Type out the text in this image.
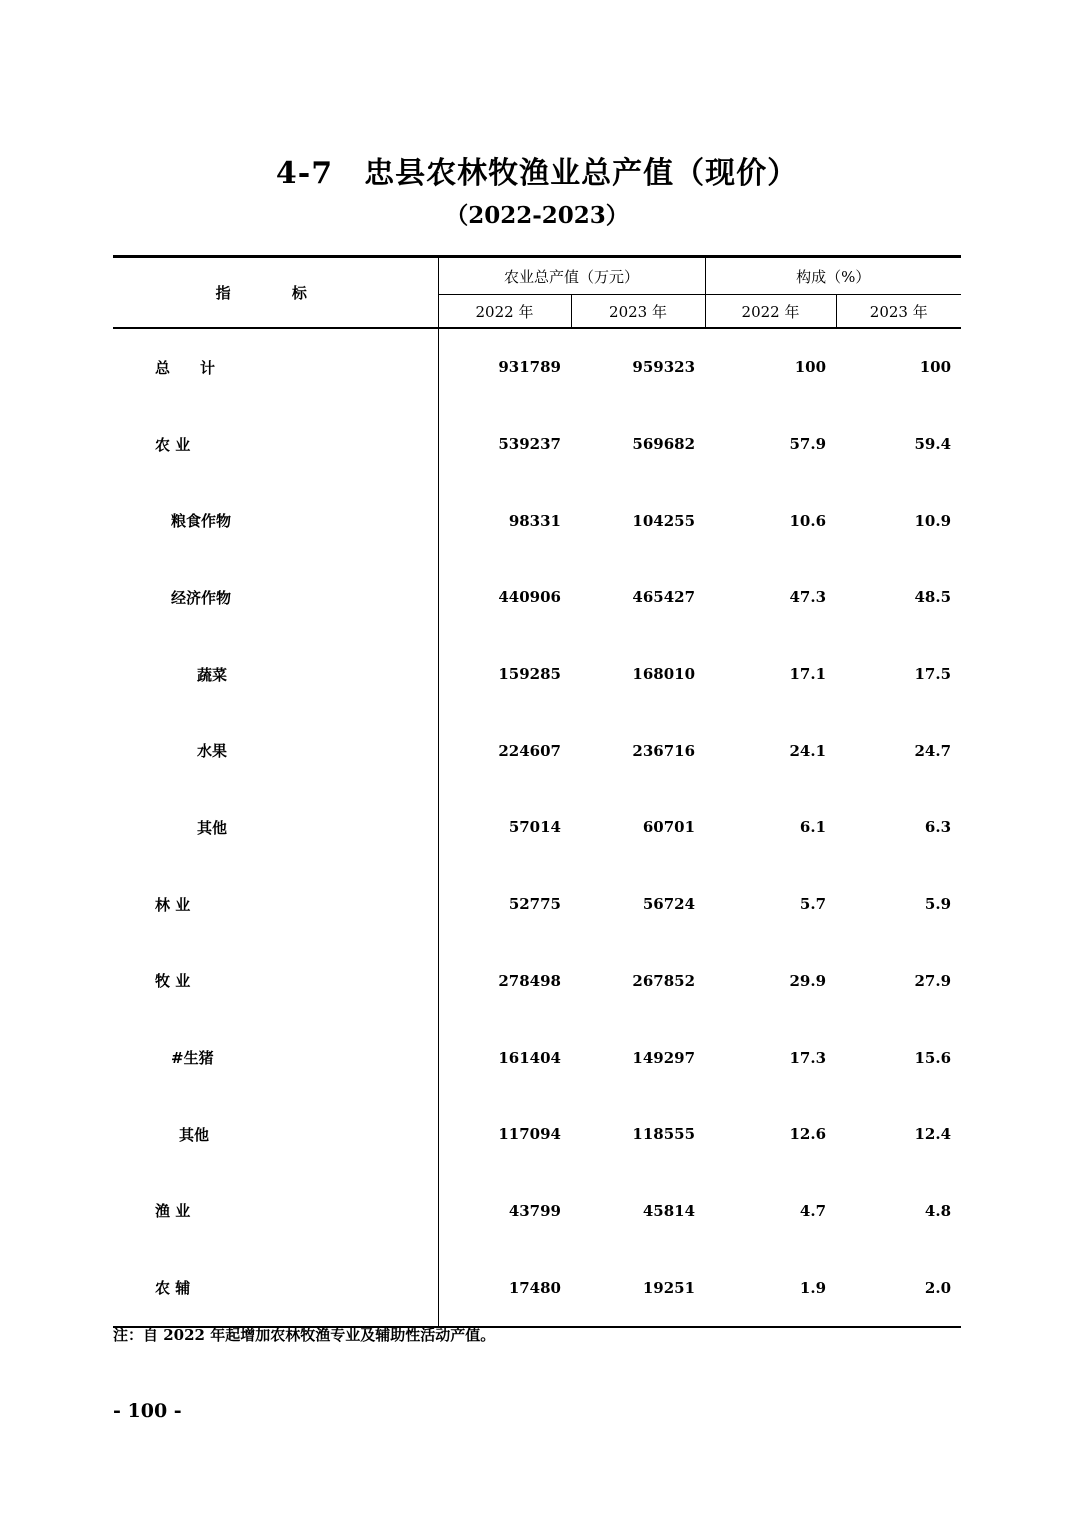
4-7　忠县农林牧渔业总产值（现价）
（2022-2023）
指 标	农业总产值（万元）		构成（%）	
	2022 年	2023 年	2022 年	2023 年
总　　计	931789	959323	100	100
农 业	539237	569682	57.9	59.4
粮食作物	98331	104255	10.6	10.9
经济作物	440906	465427	47.3	48.5
蔬菜	159285	168010	17.1	17.5
水果	224607	236716	24.1	24.7
其他	57014	60701	6.1	6.3
林 业	52775	56724	5.7	5.9
牧 业	278498	267852	29.9	27.9
#生猪	161404	149297	17.3	15.6
其他	117094	118555	12.6	12.4
渔 业	43799	45814	4.7	4.8
农 辅	17480	19251	1.9	2.0
注：自 2022 年起增加农林牧渔专业及辅助性活动产值。
- 100 -
